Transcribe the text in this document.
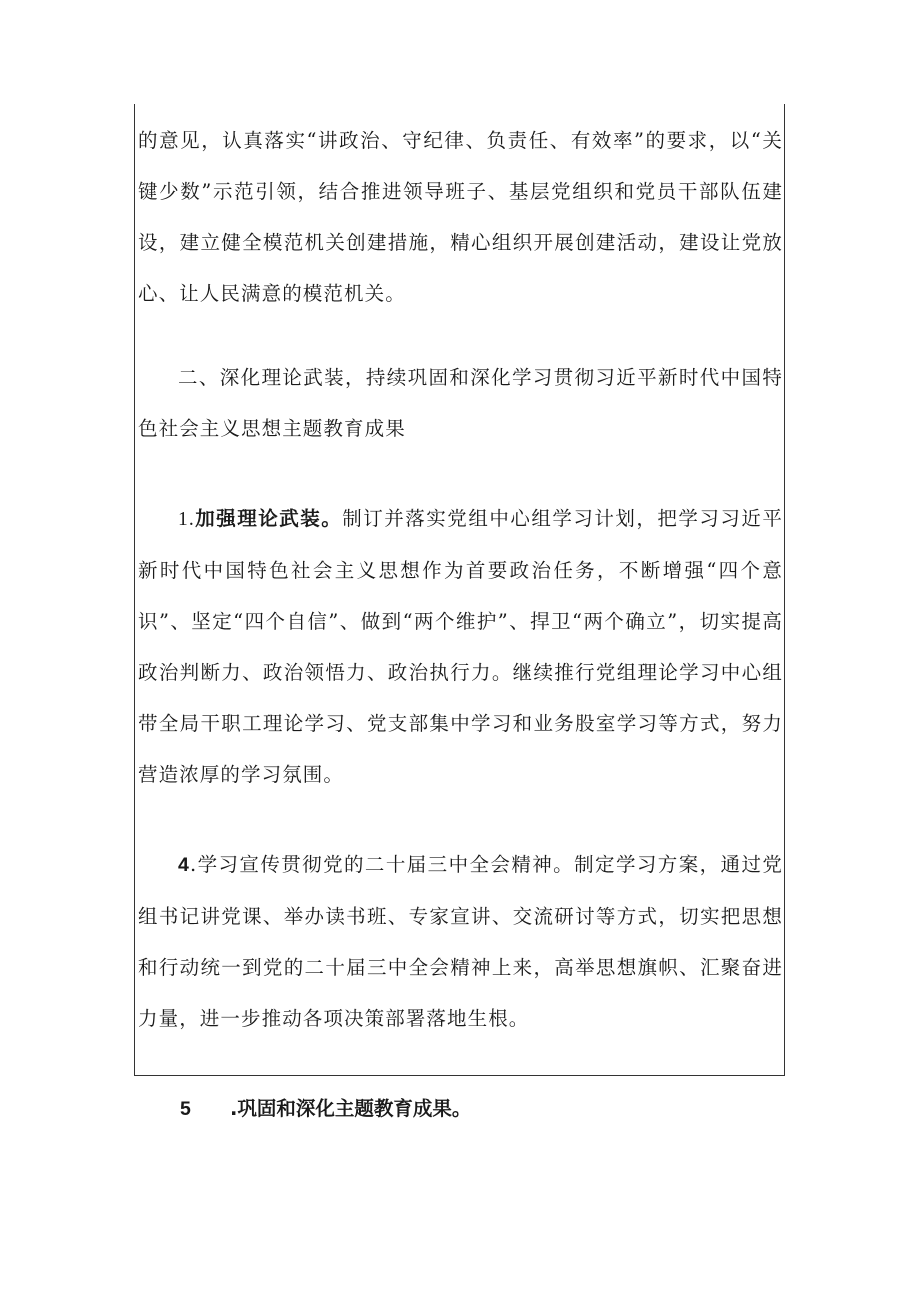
的意见，认真落实“讲政治、守纪律、负责任、有效率”的要求，以“关键少数”示范引领，结合推进领导班子、基层党组织和党员干部队伍建设，建立健全模范机关创建措施，精心组织开展创建活动，建设让党放心、让人民满意的模范机关。

二、深化理论武装，持续巩固和深化学习贯彻习近平新时代中国特色社会主义思想主题教育成果

1.加强理论武装。制订并落实党组中心组学习计划，把学习习近平新时代中国特色社会主义思想作为首要政治任务，不断增强“四个意识”、坚定“四个自信”、做到“两个维护”、捍卫“两个确立”，切实提高政治判断力、政治领悟力、政治执行力。继续推行党组理论学习中心组带全局干职工理论学习、党支部集中学习和业务股室学习等方式，努力营造浓厚的学习氛围。

4.学习宣传贯彻党的二十届三中全会精神。制定学习方案，通过党组书记讲党课、举办读书班、专家宣讲、交流研讨等方式，切实把思想和行动统一到党的二十届三中全会精神上来，高举思想旗帜、汇聚奋进力量，进一步推动各项决策部署落地生根。

5 .巩固和深化主题教育成果。
